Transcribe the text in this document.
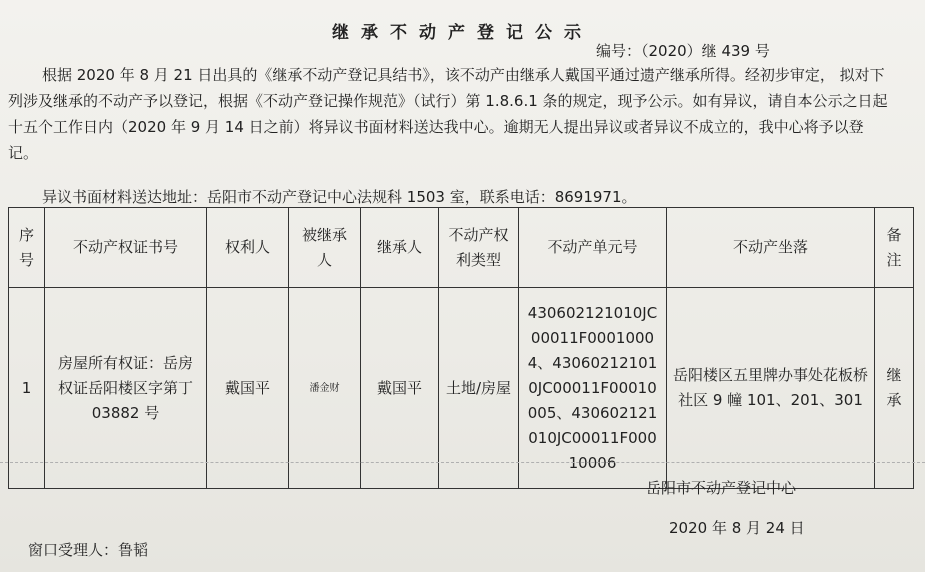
继承不动产登记公示
编号：（2020）继 439 号
根据 2020 年 8 月 21 日出具的《继承不动产登记具结书》，该不动产由继承人戴国平通过遗产继承所得。经初步审定， 拟对下列涉及继承的不动产予以登记，根据《不动产登记操作规范》（试行）第 1.8.6.1 条的规定，现予公示。如有异议，请自本公示之日起十五个工作日内（2020 年 9 月 14 日之前）将异议书面材料送达我中心。逾期无人提出异议或者异议不成立的，我中心将予以登记。
异议书面材料送达地址：岳阳市不动产登记中心法规科 1503 室，联系电话：8691971。
序号	不动产权证书号	权利人	被继承人	继承人	不动产权利类型	不动产单元号	不动产坐落	备注
1	房屋所有权证：岳房权证岳阳楼区字第丁 03882 号	戴国平	潘金财	戴国平	土地/房屋	430602121010JC00011F00010004、430602121010JC00011F00010005、430602121010JC00011F00010006	岳阳楼区五里牌办事处花板桥社区 9 幢 101、201、301	继承
岳阳市不动产登记中心
2020 年 8 月 24 日
窗口受理人：鲁韬
